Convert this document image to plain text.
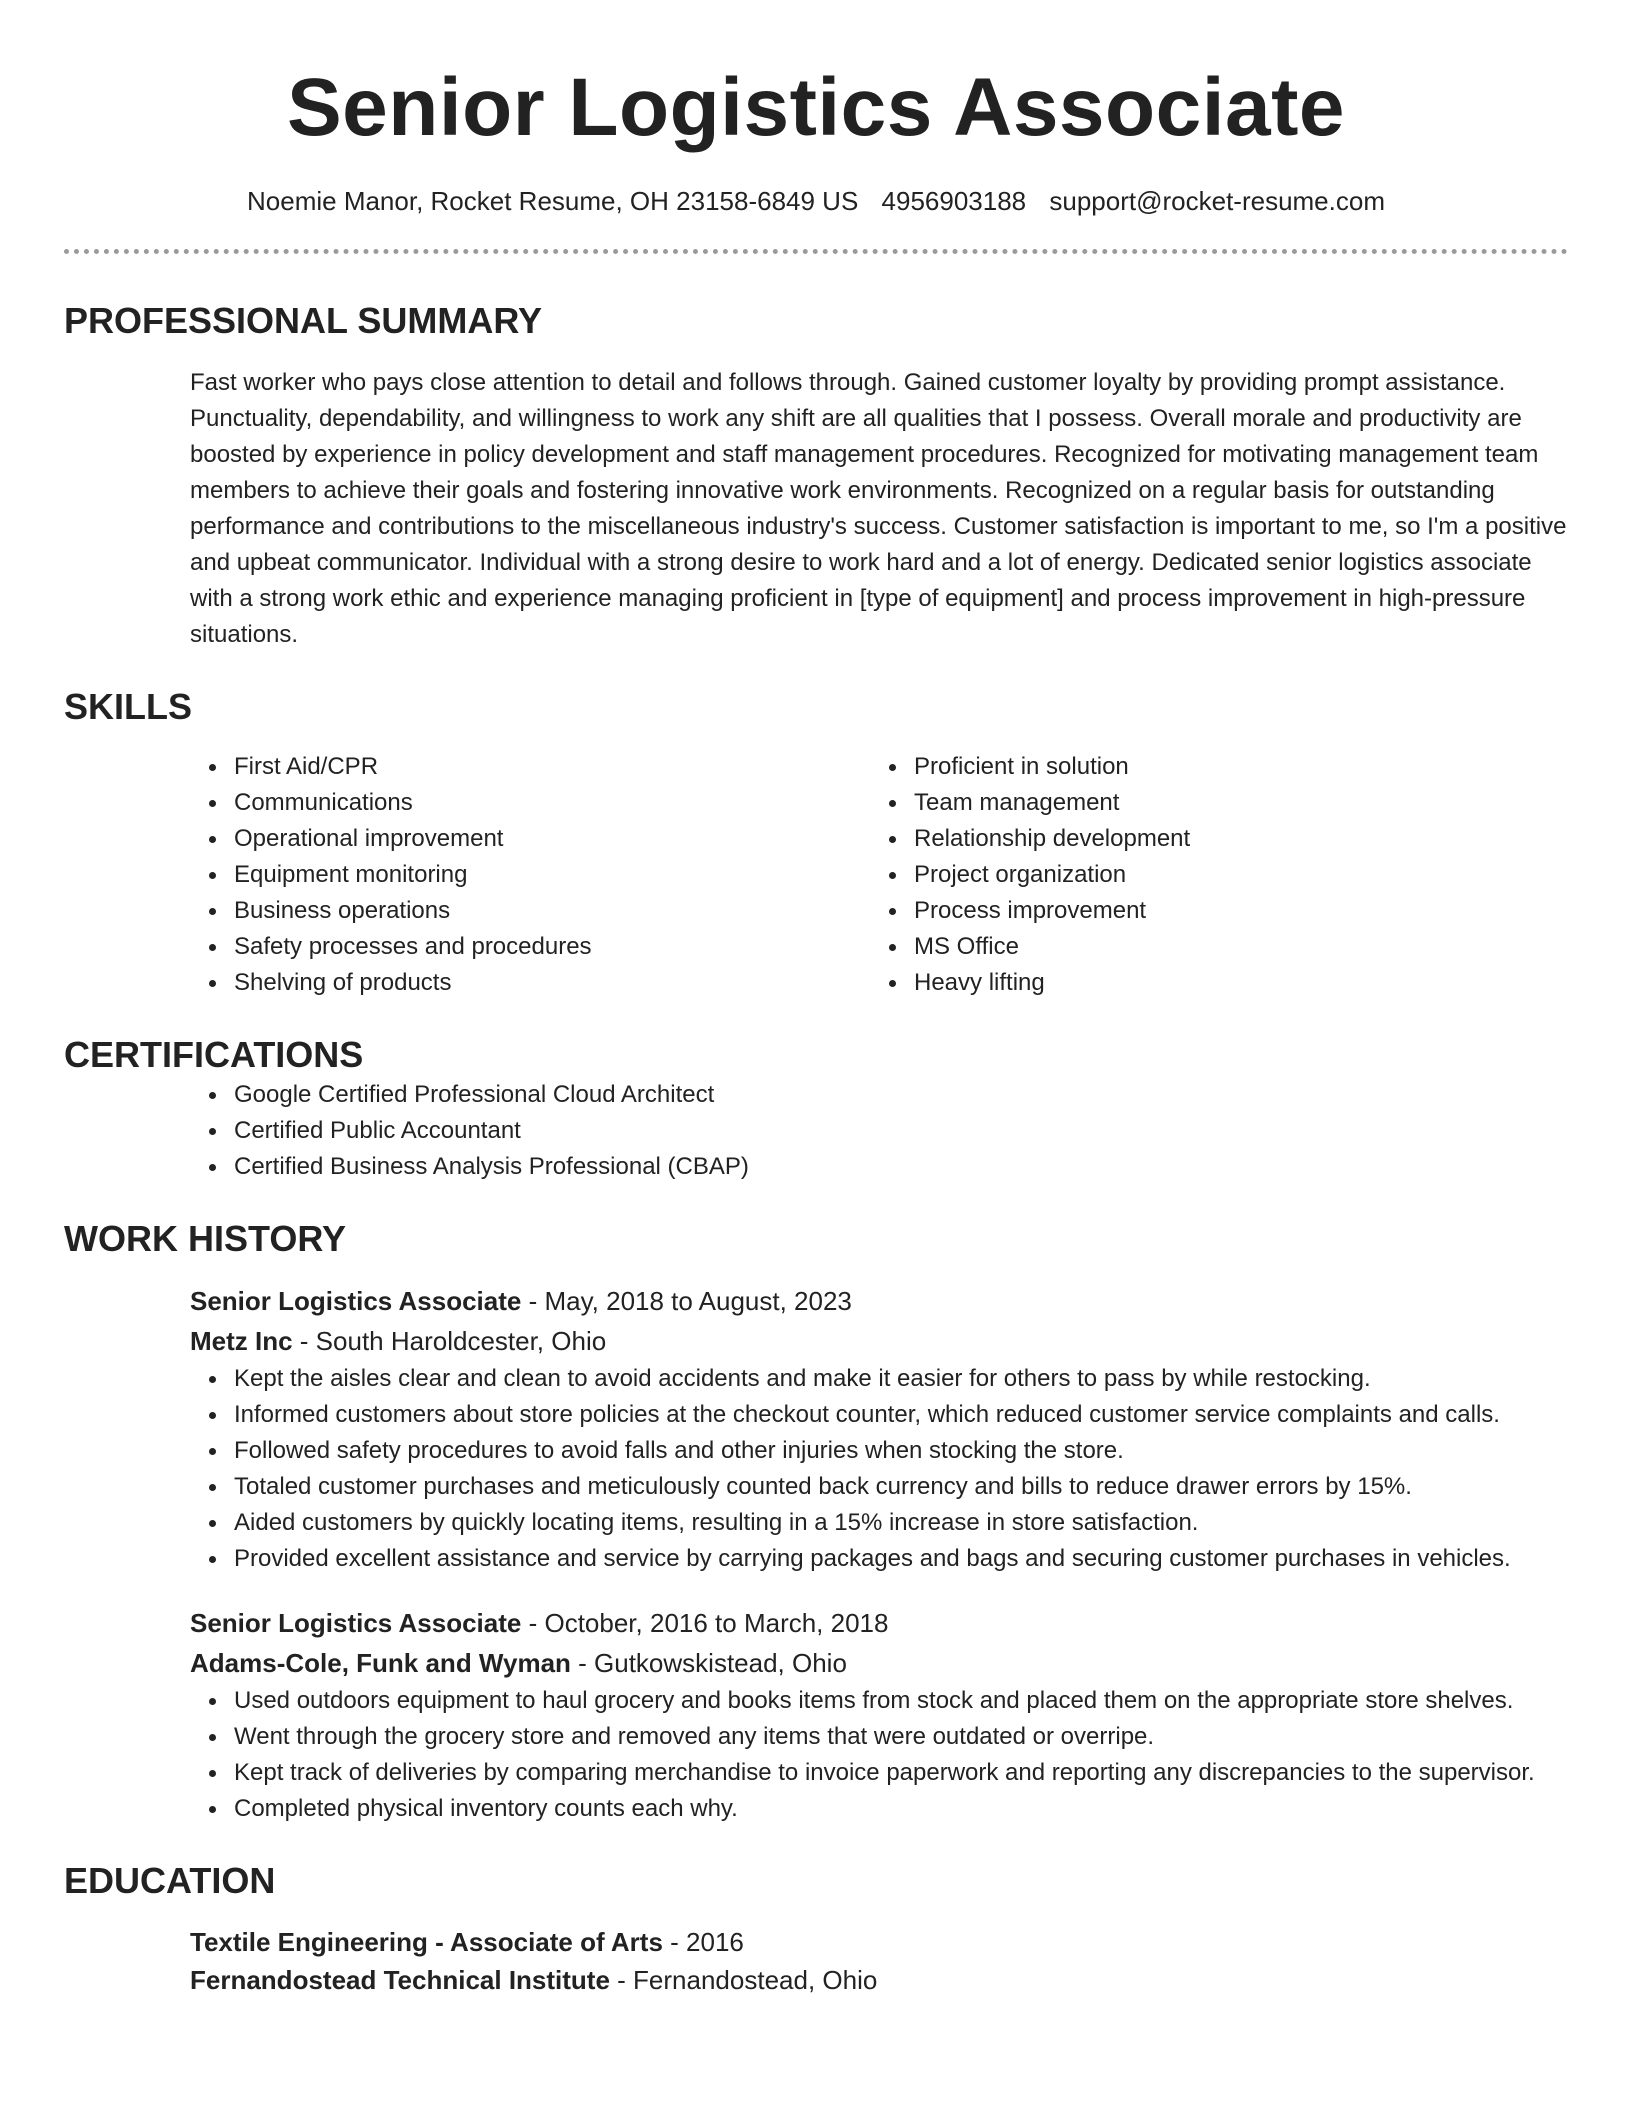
Senior Logistics Associate
Noemie Manor, Rocket Resume, OH 23158-6849 US 4956903188 support@rocket-resume.com
PROFESSIONAL SUMMARY

Fast worker who pays close attention to detail and follows through. Gained customer loyalty by providing prompt assistance. Punctuality, dependability, and willingness to work any shift are all qualities that I possess. Overall morale and productivity are boosted by experience in policy development and staff management procedures. Recognized for motivating management team members to achieve their goals and fostering innovative work environments. Recognized on a regular basis for outstanding performance and contributions to the miscellaneous industry's success. Customer satisfaction is important to me, so I'm a positive and upbeat communicator. Individual with a strong desire to work hard and a lot of energy. Dedicated senior logistics associate with a strong work ethic and experience managing proficient in [type of equipment] and process improvement in high-pressure situations.

SKILLS
First Aid/CPR
Communications
Operational improvement
Equipment monitoring
Business operations
Safety processes and procedures
Shelving of products
Proficient in solution
Team management
Relationship development
Project organization
Process improvement
MS Office
Heavy lifting
CERTIFICATIONS
Google Certified Professional Cloud Architect
Certified Public Accountant
Certified Business Analysis Professional (CBAP)
WORK HISTORY
Senior Logistics Associate - May, 2018 to August, 2023
Metz Inc - South Haroldcester, Ohio
Kept the aisles clear and clean to avoid accidents and make it easier for others to pass by while restocking.
Informed customers about store policies at the checkout counter, which reduced customer service complaints and calls.
Followed safety procedures to avoid falls and other injuries when stocking the store.
Totaled customer purchases and meticulously counted back currency and bills to reduce drawer errors by 15%.
Aided customers by quickly locating items, resulting in a 15% increase in store satisfaction.
Provided excellent assistance and service by carrying packages and bags and securing customer purchases in vehicles.
Senior Logistics Associate - October, 2016 to March, 2018
Adams-Cole, Funk and Wyman - Gutkowskistead, Ohio
Used outdoors equipment to haul grocery and books items from stock and placed them on the appropriate store shelves.
Went through the grocery store and removed any items that were outdated or overripe.
Kept track of deliveries by comparing merchandise to invoice paperwork and reporting any discrepancies to the supervisor.
Completed physical inventory counts each why.
EDUCATION
Textile Engineering - Associate of Arts - 2016
Fernandostead Technical Institute - Fernandostead, Ohio
